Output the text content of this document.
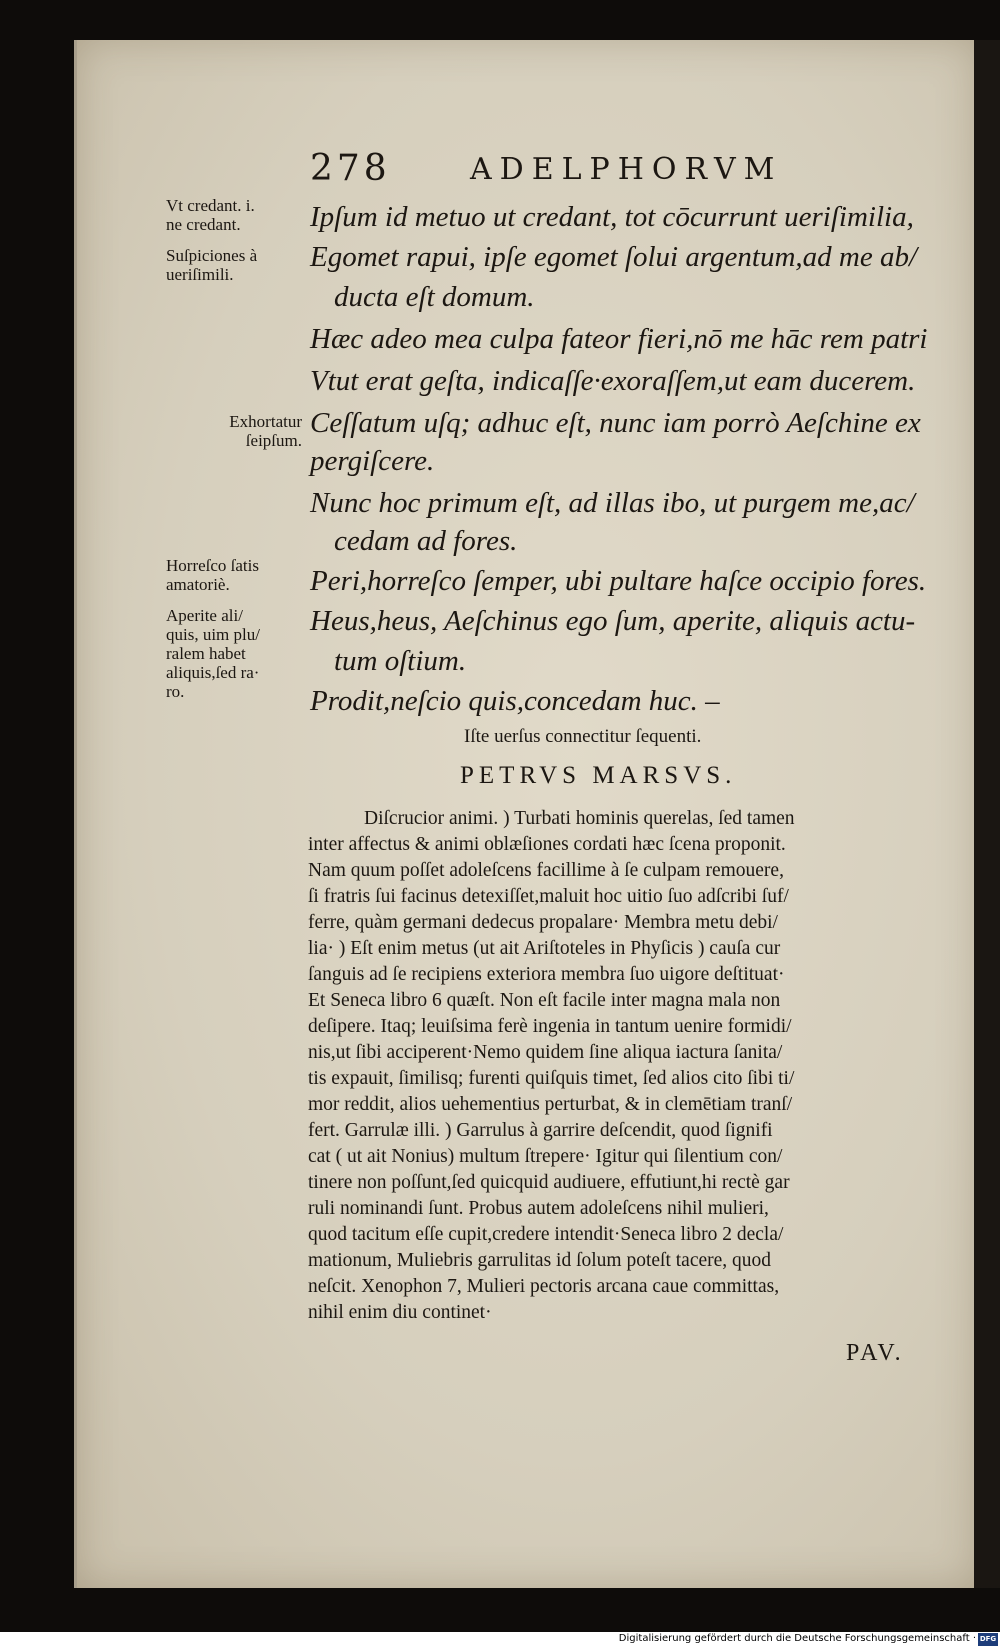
278	ADELPHORVM
Vt credant. i.
ne credant.
Suſpiciones à
ueriſimili.
Exhortatur
ſeipſum.
Horreſco ſatis
amatoriè.
Aperite ali/
quis, uim plu/
ralem habet
aliquis,ſed ra·
ro.
Ipſum id metuo ut credant, tot cōcurrunt ueriſimilia,
Egomet rapui, ipſe egomet ſolui argentum,ad me ab/
ducta eſt domum.
Hæc adeo mea culpa fateor fieri,nō me hāc rem patri
Vtut erat geſta, indicaſſe·exoraſſem,ut eam ducerem.
Ceſſatum uſq; adhuc eſt, nunc iam porrò Aeſchine ex
pergiſcere.
Nunc hoc primum eſt, ad illas ibo, ut purgem me,ac/
cedam ad fores.
Peri,horreſco ſemper, ubi pultare haſce occipio fores.
Heus,heus, Aeſchinus ego ſum, aperite, aliquis actu-
tum oſtium.
Prodit,neſcio quis,concedam huc. –
Iſte uerſus connectitur ſequenti.
PETRVS MARSVS.
Diſcrucior animi. ) Turbati hominis querelas, ſed tamen
inter affectus & animi oblæſiones cordati hæc ſcena proponit.
Nam quum poſſet adoleſcens facillime à ſe culpam remouere,
ſi fratris ſui facinus detexiſſet,maluit hoc uitio ſuo adſcribi ſuf/
ferre, quàm germani dedecus propalare· Membra metu debi/
lia· ) Eſt enim metus (ut ait Ariſtoteles in Phyſicis ) cauſa cur
ſanguis ad ſe recipiens exteriora membra ſuo uigore deſtituat·
Et Seneca libro 6 quæſt. Non eſt facile inter magna mala non
deſipere. Itaq; leuiſsima ferè ingenia in tantum uenire formidi/
nis,ut ſibi acciperent·Nemo quidem ſine aliqua iactura ſanita/
tis expauit, ſimilisq; furenti quiſquis timet, ſed alios cito ſibi ti/
mor reddit, alios uehementius perturbat, & in clemētiam tranſ/
fert. Garrulæ illi. ) Garrulus à garrire deſcendit, quod ſignifi
cat ( ut ait Nonius) multum ſtrepere· Igitur qui ſilentium con/
tinere non poſſunt,ſed quicquid audiuere, effutiunt,hi rectè gar
ruli nominandi ſunt. Probus autem adoleſcens nihil mulieri,
quod tacitum eſſe cupit,credere intendit·Seneca libro 2 decla/
mationum, Muliebris garrulitas id ſolum poteſt tacere, quod
neſcit. Xenophon 7, Mulieri pectoris arcana caue committas,
nihil enim diu continet·
PAV.
Digitalisierung gefördert durch die Deutsche Forschungsgemeinschaft · DFG
